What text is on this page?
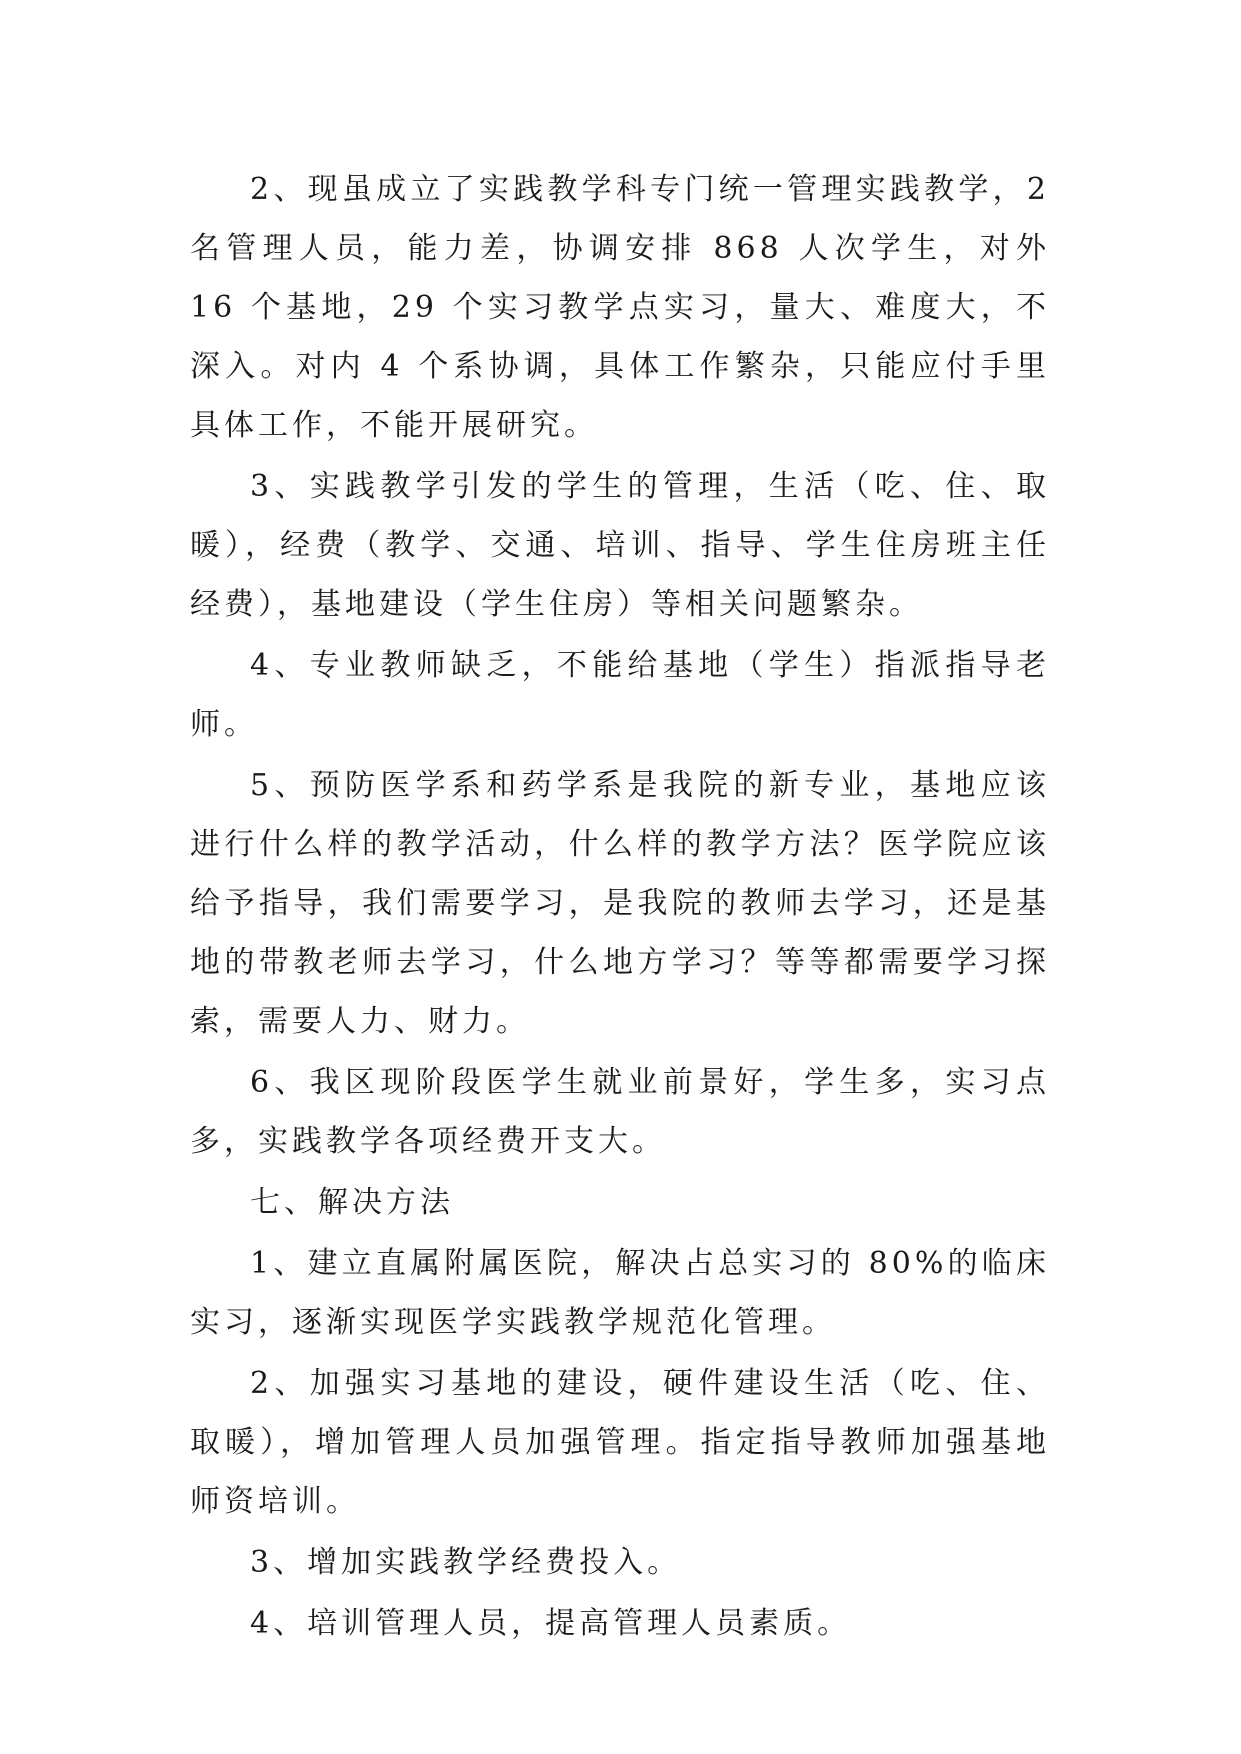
2、现虽成立了实践教学科专门统一管理实践教学，2 名管理人员，能力差，协调安排 868 人次学生，对外 16 个基地，29 个实习教学点实习，量大、难度大，不深入。对内 4 个系协调，具体工作繁杂，只能应付手里具体工作，不能开展研究。

3、实践教学引发的学生的管理，生活（吃、住、取暖），经费（教学、交通、培训、指导、学生住房班主任经费），基地建设（学生住房）等相关问题繁杂。

4、专业教师缺乏，不能给基地（学生）指派指导老师。

5、预防医学系和药学系是我院的新专业，基地应该进行什么样的教学活动，什么样的教学方法？医学院应该给予指导，我们需要学习，是我院的教师去学习，还是基地的带教老师去学习，什么地方学习？等等都需要学习探索，需要人力、财力。

6、我区现阶段医学生就业前景好，学生多，实习点多，实践教学各项经费开支大。

七、解决方法

1、建立直属附属医院，解决占总实习的 80%的临床实习，逐渐实现医学实践教学规范化管理。

2、加强实习基地的建设，硬件建设生活（吃、住、取暖），增加管理人员加强管理。指定指导教师加强基地师资培训。

3、增加实践教学经费投入。

4、培训管理人员，提高管理人员素质。
